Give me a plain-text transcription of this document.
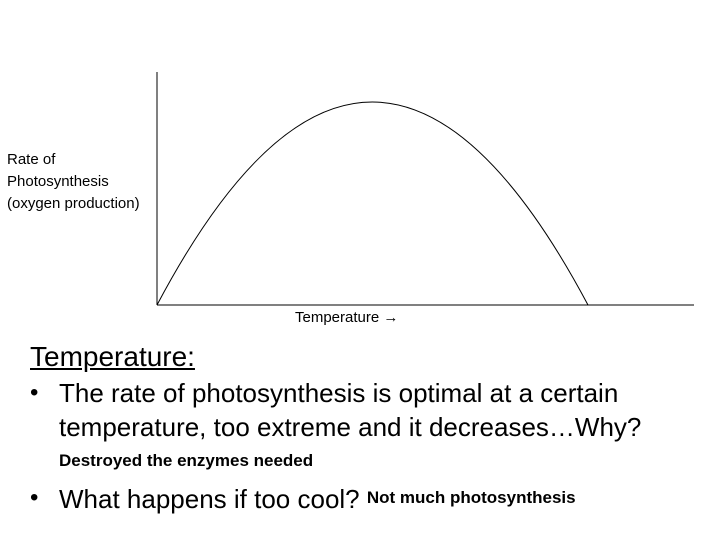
Rate of
Photosynthesis
(oxygen production)
Temperature →
Temperature:
• The rate of photosynthesis is optimal at a certain temperature, too extreme and it decreases…Why? Destroyed the enzymes needed
• What happens if too cool? Not much photosynthesis
